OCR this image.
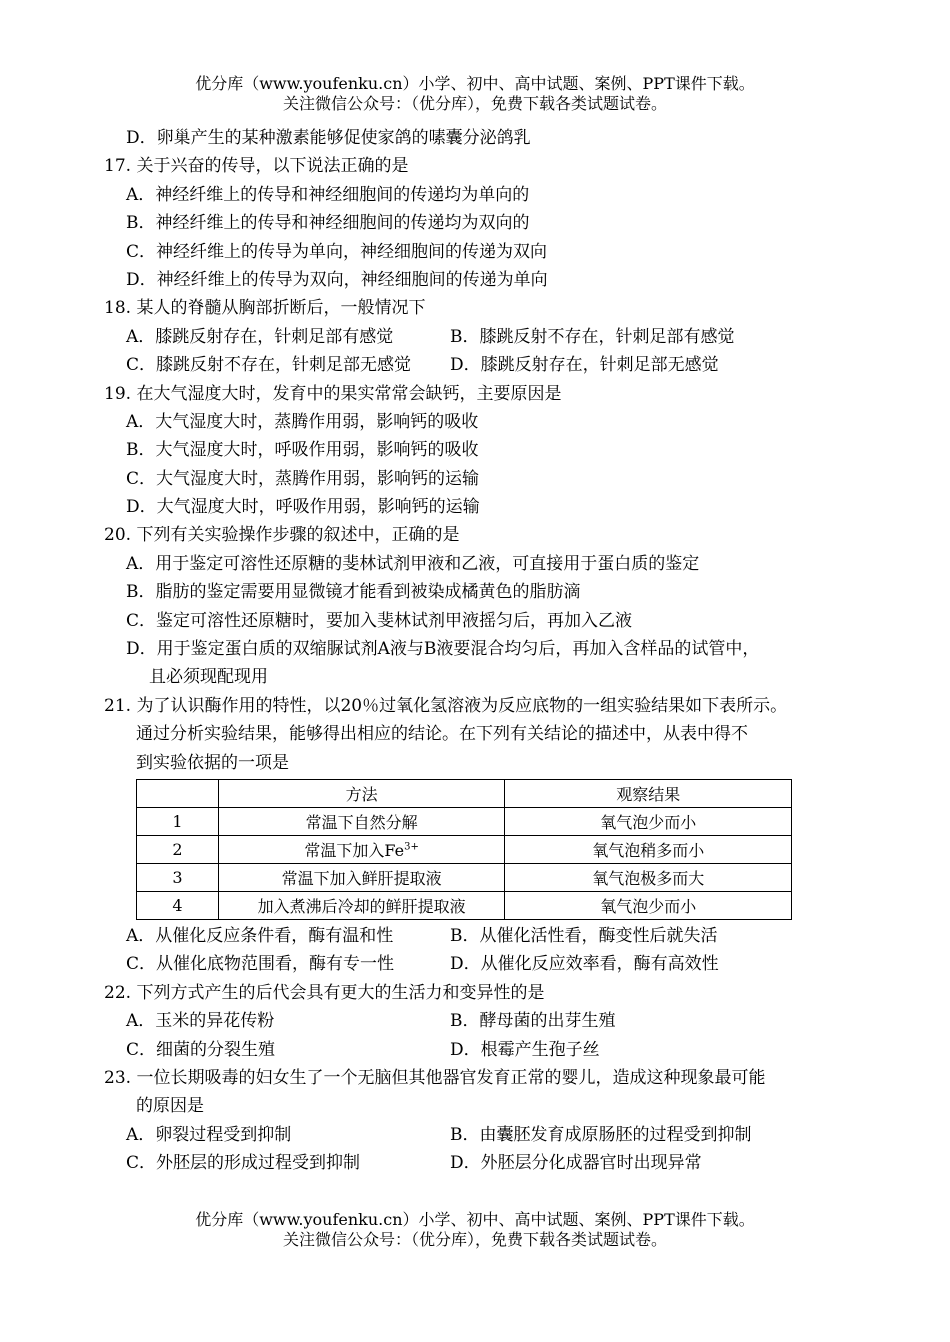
优分库（www.youfenku.cn）小学、初中、高中试题、案例、PPT课件下载。
关注微信公众号：（优分库），免费下载各类试题试卷。
D．卵巢产生的某种激素能够促使家鸽的嗉囊分泌鸽乳
17. 关于兴奋的传导，以下说法正确的是
A．神经纤维上的传导和神经细胞间的传递均为单向的
B．神经纤维上的传导和神经细胞间的传递均为双向的
C．神经纤维上的传导为单向，神经细胞间的传递为双向
D．神经纤维上的传导为双向，神经细胞间的传递为单向
18. 某人的脊髓从胸部折断后，一般情况下
A．膝跳反射存在，针刺足部有感觉	B．膝跳反射不存在，针刺足部有感觉
C．膝跳反射不存在，针刺足部无感觉	D．膝跳反射存在，针刺足部无感觉
19. 在大气湿度大时，发育中的果实常常会缺钙，主要原因是
A．大气湿度大时，蒸腾作用弱，影响钙的吸收
B．大气湿度大时，呼吸作用弱，影响钙的吸收
C．大气湿度大时，蒸腾作用弱，影响钙的运输
D．大气湿度大时，呼吸作用弱，影响钙的运输
20. 下列有关实验操作步骤的叙述中，正确的是
A．用于鉴定可溶性还原糖的斐林试剂甲液和乙液，可直接用于蛋白质的鉴定
B．脂肪的鉴定需要用显微镜才能看到被染成橘黄色的脂肪滴
C．鉴定可溶性还原糖时，要加入斐林试剂甲液摇匀后，再加入乙液
D．用于鉴定蛋白质的双缩脲试剂A液与B液要混合均匀后，再加入含样品的试管中，
且必须现配现用
21. 为了认识酶作用的特性，以20％过氧化氢溶液为反应底物的一组实验结果如下表所示。
通过分析实验结果，能够得出相应的结论。在下列有关结论的描述中，从表中得不
到实验依据的一项是
	方法	观察结果
1	常温下自然分解	氧气泡少而小
2	常温下加入$Fe^{3+}$	氧气泡稍多而小
3	常温下加入鲜肝提取液	氧气泡极多而大
4	加入煮沸后冷却的鲜肝提取液	氧气泡少而小
A．从催化反应条件看，酶有温和性	B．从催化活性看，酶变性后就失活
C．从催化底物范围看，酶有专一性	D．从催化反应效率看，酶有高效性
22. 下列方式产生的后代会具有更大的生活力和变异性的是
A．玉米的异花传粉	B．酵母菌的出芽生殖
C．细菌的分裂生殖	D．根霉产生孢子丝
23. 一位长期吸毒的妇女生了一个无脑但其他器官发育正常的婴儿，造成这种现象最可能
的原因是
A．卵裂过程受到抑制	B．由囊胚发育成原肠胚的过程受到抑制
C．外胚层的形成过程受到抑制	D．外胚层分化成器官时出现异常
优分库（www.youfenku.cn）小学、初中、高中试题、案例、PPT课件下载。
关注微信公众号：（优分库），免费下载各类试题试卷。
